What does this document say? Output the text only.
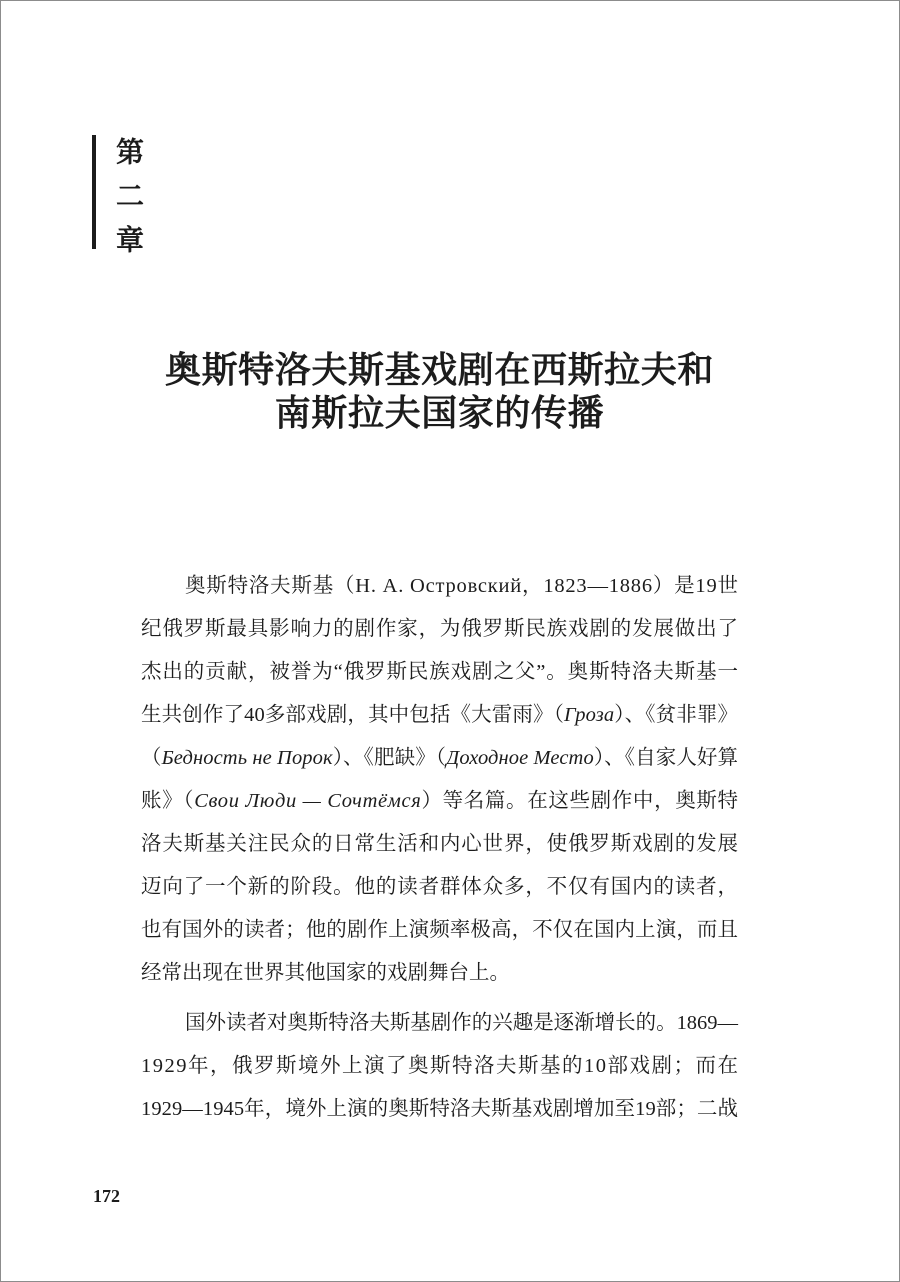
第二章
奥斯特洛夫斯基戏剧在西斯拉夫和
南斯拉夫国家的传播
奥斯特洛夫斯基（Н. А. Островский，1823—1886）是19世
纪俄罗斯最具影响力的剧作家，为俄罗斯民族戏剧的发展做出了
杰出的贡献，被誉为“俄罗斯民族戏剧之父”。奥斯特洛夫斯基一
生共创作了40多部戏剧，其中包括《大雷雨》（Гроза）、《贫非罪》
（Бедность не Порок）、《肥缺》（Доходное Место）、《自家人好算
账》（Свои Люди — Сочтёмся）等名篇。在这些剧作中，奥斯特
洛夫斯基关注民众的日常生活和内心世界，使俄罗斯戏剧的发展
迈向了一个新的阶段。他的读者群体众多，不仅有国内的读者，
也有国外的读者；他的剧作上演频率极高，不仅在国内上演，而且
经常出现在世界其他国家的戏剧舞台上。
国外读者对奥斯特洛夫斯基剧作的兴趣是逐渐增长的。1869—
1929年，俄罗斯境外上演了奥斯特洛夫斯基的10部戏剧；而在
1929—1945年，境外上演的奥斯特洛夫斯基戏剧增加至19部；二战
172
